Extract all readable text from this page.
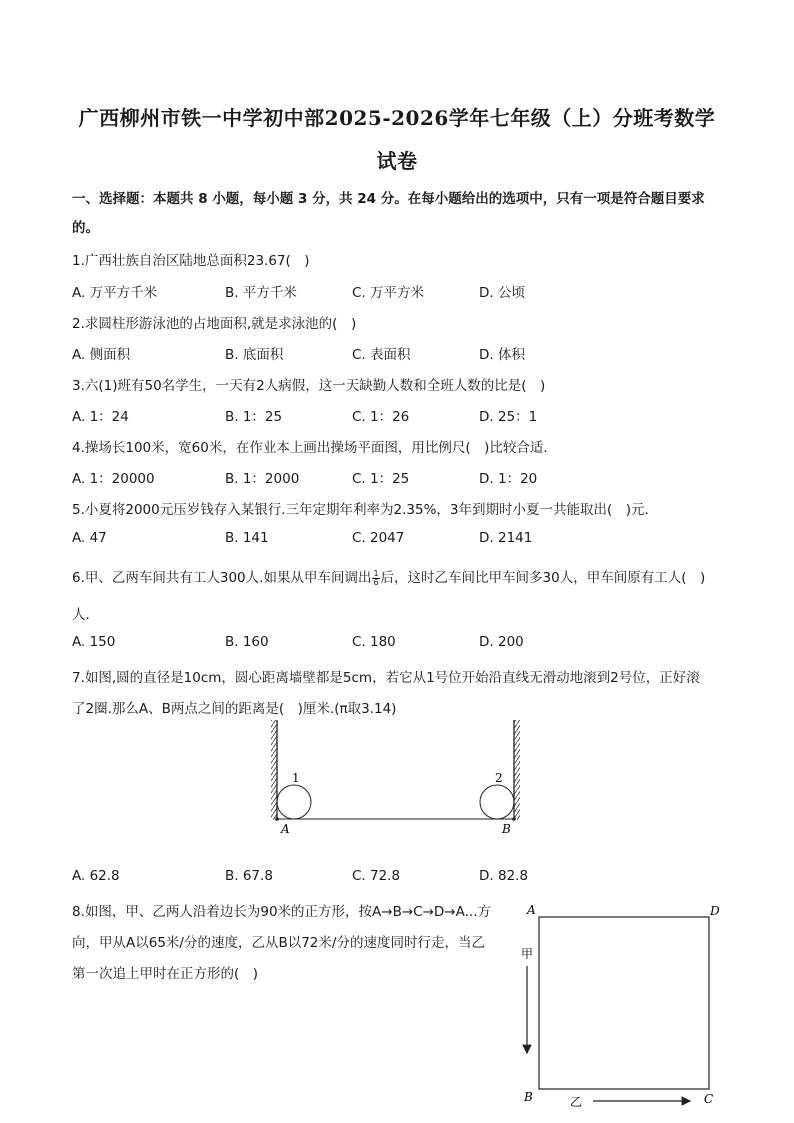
广西柳州市铁一中学初中部2025-2026学年七年级（上）分班考数学
试卷
一、选择题：本题共 8 小题，每小题 3 分，共 24 分。在每小题给出的选项中，只有一项是符合题目要求
的。
1.广西壮族自治区陆地总面积23.67(　)
A. 万平方千米	B. 平方千米	C. 万平方米	D. 公顷
2.求圆柱形游泳池的占地面积,就是求泳池的(　)
A. 侧面积	B. 底面积	C. 表面积	D. 体积
3.六(1)班有50名学生，一天有2人病假，这一天缺勤人数和全班人数的比是(　)
A. 1：24	B. 1：25	C. 1：26	D. 25：1
4.操场长100米，宽60米，在作业本上画出操场平面图，用比例尺(　)比较合适．
A. 1：20000	B. 1：2000	C. 1：25	D. 1：20
5.小夏将2000元压岁钱存入某银行.三年定期年利率为2.35%，3年到期时小夏一共能取出(　)元．
A. 47	B. 141	C. 2047	D. 2141
6.甲、乙两车间共有工人300人.如果从甲车间调出 $\frac{1}{6}$ 后，这时乙车间比甲车间多30人，甲车间原有工人(　)
人．
A. 150	B. 160	C. 180	D. 200
7.如图,圆的直径是10cm，圆心距离墙壁都是5cm，若它从1号位开始沿直线无滑动地滚到2号位，正好滚
了2圈.那么A、B两点之间的距离是(　)厘米.(π取3.14)
1	2
A	B
A. 62.8	B. 67.8	C. 72.8	D. 82.8
8.如图，甲、乙两人沿着边长为90米的正方形，按A→B→C→D→A...方
向，甲从A以65米/分的速度，乙从B以72米/分的速度同时行走，当乙
第一次追上甲时在正方形的(　)
A	D
B	C
甲
乙
